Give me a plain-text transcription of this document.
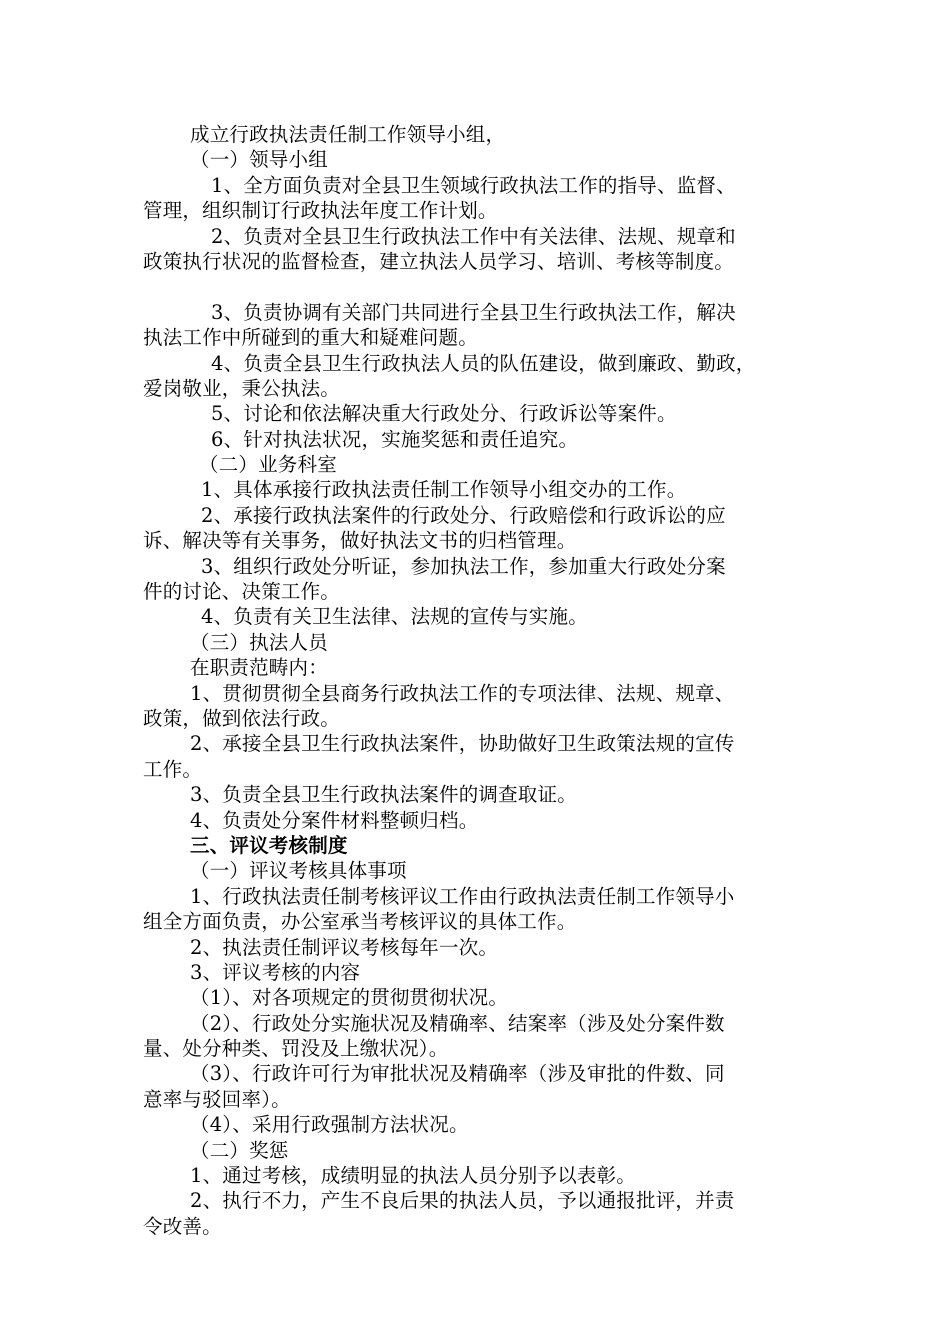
成立行政执法责任制工作领导小组，
（一）领导小组
1、全方面负责对全县卫生领域行政执法工作的指导、监督、
管理，组织制订行政执法年度工作计划。
2、负责对全县卫生行政执法工作中有关法律、法规、规章和
政策执行状况的监督检查，建立执法人员学习、培训、考核等制度。
3、负责协调有关部门共同进行全县卫生行政执法工作，解决
执法工作中所碰到的重大和疑难问题。
4、负责全县卫生行政执法人员的队伍建设，做到廉政、勤政，
爱岗敬业，秉公执法。
5、讨论和依法解决重大行政处分、行政诉讼等案件。
6、针对执法状况，实施奖惩和责任追究。
（二）业务科室
1、具体承接行政执法责任制工作领导小组交办的工作。
2、承接行政执法案件的行政处分、行政赔偿和行政诉讼的应
诉、解决等有关事务，做好执法文书的归档管理。
3、组织行政处分听证，参加执法工作，参加重大行政处分案
件的讨论、决策工作。
4、负责有关卫生法律、法规的宣传与实施。
（三）执法人员
在职责范畴内：
1、贯彻贯彻全县商务行政执法工作的专项法律、法规、规章、
政策，做到依法行政。
2、承接全县卫生行政执法案件，协助做好卫生政策法规的宣传
工作。
3、负责全县卫生行政执法案件的调查取证。
4、负责处分案件材料整顿归档。
三、评议考核制度
（一）评议考核具体事项
1、行政执法责任制考核评议工作由行政执法责任制工作领导小
组全方面负责，办公室承当考核评议的具体工作。
2、执法责任制评议考核每年一次。
3、评议考核的内容
（1）、对各项规定的贯彻贯彻状况。
（2）、行政处分实施状况及精确率、结案率（涉及处分案件数
量、处分种类、罚没及上缴状况）。
（3）、行政许可行为审批状况及精确率（涉及审批的件数、同
意率与驳回率）。
（4）、采用行政强制方法状况。
（二）奖惩
1、通过考核，成绩明显的执法人员分别予以表彰。
2、执行不力，产生不良后果的执法人员，予以通报批评，并责
令改善。
